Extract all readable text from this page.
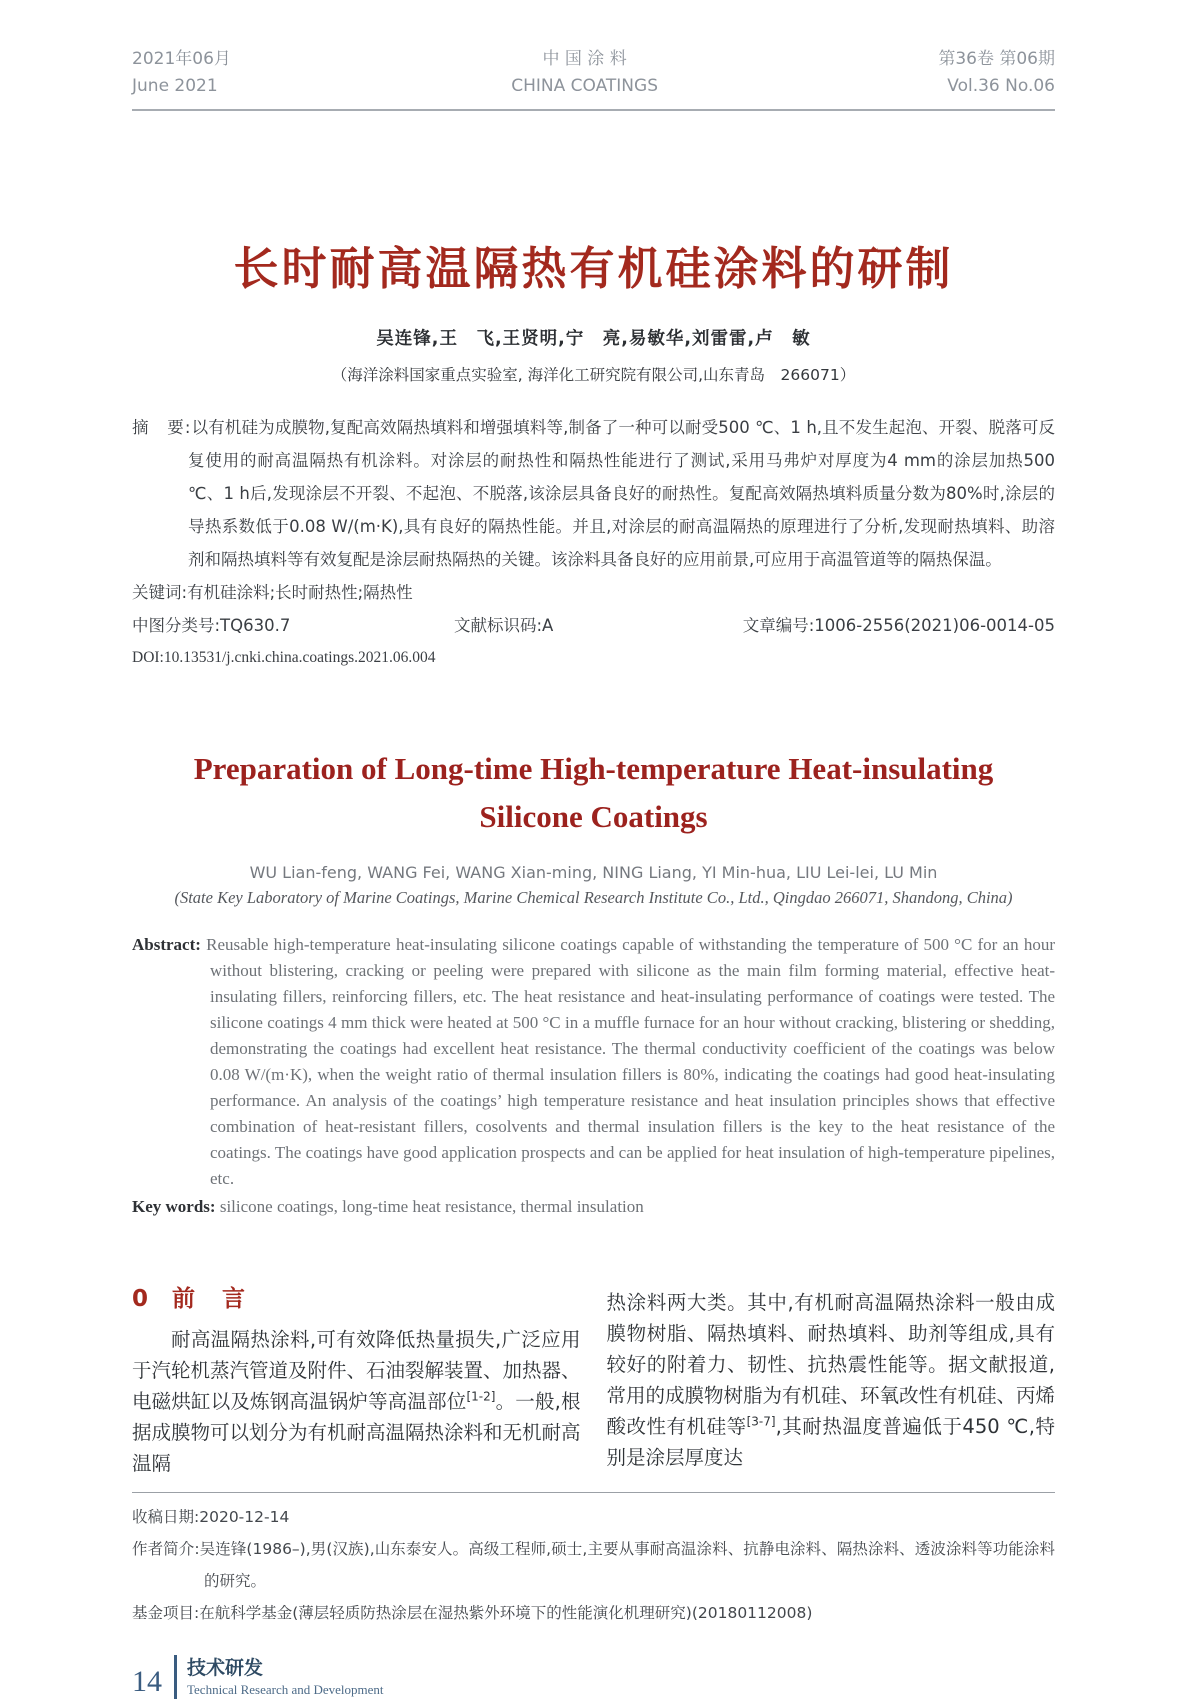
2021年06月
June 2021
中 国 涂 料
CHINA COATINGS
第36卷 第06期
Vol.36 No.06
长时耐高温隔热有机硅涂料的研制
吴连锋,王　飞,王贤明,宁　亮,易敏华,刘雷雷,卢　敏
（海洋涂料国家重点实验室, 海洋化工研究院有限公司,山东青岛　266071）

摘　要:以有机硅为成膜物,复配高效隔热填料和增强填料等,制备了一种可以耐受500 ℃、1 h,且不发生起泡、开裂、脱落可反复使用的耐高温隔热有机涂料。对涂层的耐热性和隔热性能进行了测试,采用马弗炉对厚度为4 mm的涂层加热500 ℃、1 h后,发现涂层不开裂、不起泡、不脱落,该涂层具备良好的耐热性。复配高效隔热填料质量分数为80%时,涂层的导热系数低于0.08 W/(m·K),具有良好的隔热性能。并且,对涂层的耐高温隔热的原理进行了分析,发现耐热填料、助溶剂和隔热填料等有效复配是涂层耐热隔热的关键。该涂料具备良好的应用前景,可应用于高温管道等的隔热保温。

关键词:有机硅涂料;长时耐热性;隔热性

中图分类号:TQ630.7	文献标识码:A	文章编号:1006-2556(2021)06-0014-05
DOI:10.13531/j.cnki.china.coatings.2021.06.004
Preparation of Long-time High-temperature Heat-insulating
Silicone Coatings
WU Lian-feng, WANG Fei, WANG Xian-ming, NING Liang, YI Min-hua, LIU Lei-lei, LU Min
(State Key Laboratory of Marine Coatings, Marine Chemical Research Institute Co., Ltd., Qingdao 266071, Shandong, China)

Abstract: Reusable high-temperature heat-insulating silicone coatings capable of withstanding the temperature of 500 °C for an hour without blistering, cracking or peeling were prepared with silicone as the main film forming material, effective heat-insulating fillers, reinforcing fillers, etc. The heat resistance and heat-insulating performance of coatings were tested. The silicone coatings 4 mm thick were heated at 500 °C in a muffle furnace for an hour without cracking, blistering or shedding, demonstrating the coatings had excellent heat resistance. The thermal conductivity coefficient of the coatings was below 0.08 W/(m·K), when the weight ratio of thermal insulation fillers is 80%, indicating the coatings had good heat-insulating performance. An analysis of the coatings’ high temperature resistance and heat insulation principles shows that effective combination of heat-resistant fillers, cosolvents and thermal insulation fillers is the key to the heat resistance of the coatings. The coatings have good application prospects and can be applied for heat insulation of high-temperature pipelines, etc.

Key words: silicone coatings, long-time heat resistance, thermal insulation

0 前　言

耐高温隔热涂料,可有效降低热量损失,广泛应用于汽轮机蒸汽管道及附件、石油裂解装置、加热器、电磁烘缸以及炼钢高温锅炉等高温部位[1-2]。一般,根据成膜物可以划分为有机耐高温隔热涂料和无机耐高温隔

热涂料两大类。其中,有机耐高温隔热涂料一般由成膜物树脂、隔热填料、耐热填料、助剂等组成,具有较好的附着力、韧性、抗热震性能等。据文献报道,常用的成膜物树脂为有机硅、环氧改性有机硅、丙烯酸改性有机硅等[3-7],其耐热温度普遍低于450 ℃,特别是涂层厚度达

收稿日期:2020-12-14

作者简介:吴连锋(1986–),男(汉族),山东泰安人。高级工程师,硕士,主要从事耐高温涂料、抗静电涂料、隔热涂料、透波涂料等功能涂料的研究。

基金项目:在航科学基金(薄层轻质防热涂层在湿热紫外环境下的性能演化机理研究)(20180112008)

14 技术研发
Technical Research and Development
